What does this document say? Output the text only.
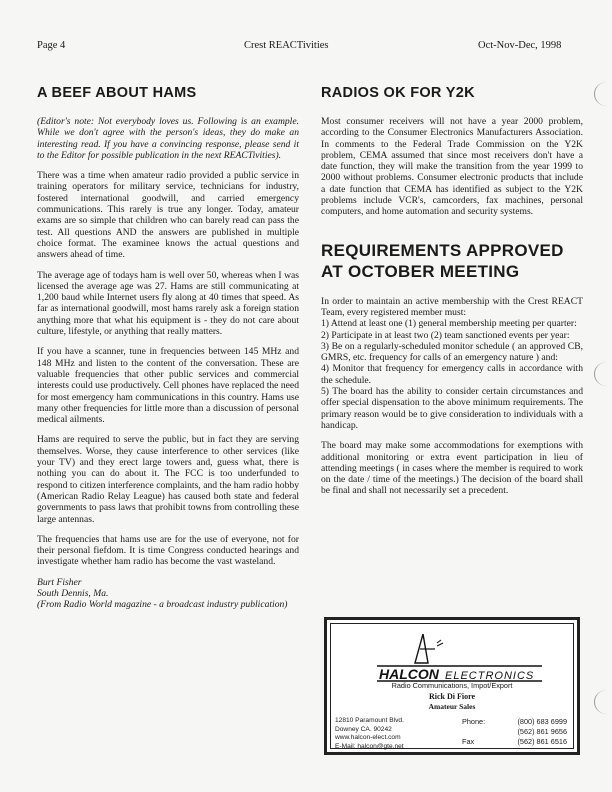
Page 4	Crest REACTivities	Oct-Nov-Dec, 1998
A BEEF ABOUT HAMS

(Editor's note: Not everybody loves us. Following is an example. While we don't agree with the person's ideas, they do make an interesting read. If you have a convincing response, please send it to the Editor for possible publication in the next REACTivities).

There was a time when amateur radio provided a public service in training operators for military service, technicians for industry, fostered international goodwill, and carried emergency communications. This rarely is true any longer. Today, amateur exams are so simple that children who can barely read can pass the test. All questions AND the answers are published in multiple choice format. The examinee knows the actual questions and answers ahead of time.

The average age of todays ham is well over 50, whereas when I was licensed the average age was 27. Hams are still communicating at 1,200 baud while Internet users fly along at 40 times that speed. As far as international goodwill, most hams rarely ask a foreign station anything more that what his equipment is - they do not care about culture, lifestyle, or anything that really matters.

If you have a scanner, tune in frequencies between 145 MHz and 148 MHz and listen to the content of the conversation. These are valuable frequencies that other public services and commercial interests could use productively. Cell phones have replaced the need for most emergency ham communications in this country. Hams use many other frequencies for little more than a discussion of personal medical ailments.

Hams are required to serve the public, but in fact they are serving themselves. Worse, they cause interference to other services (like your TV) and they erect large towers and, guess what, there is nothing you can do about it. The FCC is too underfunded to respond to citizen interference complaints, and the ham radio hobby (American Radio Relay League) has caused both state and federal governments to pass laws that prohibit towns from controlling these large antennas.

The frequencies that hams use are for the use of everyone, not for their personal fiefdom. It is time Congress conducted hearings and investigate whether ham radio has become the vast wasteland.

Burt Fisher
South Dennis, Ma.
(From Radio World magazine - a broadcast industry publication)
RADIOS OK FOR Y2K

Most consumer receivers will not have a year 2000 problem, according to the Consumer Electronics Manufacturers Association. In comments to the Federal Trade Commission on the Y2K problem, CEMA assumed that since most receivers don't have a date function, they will make the transition from the year 1999 to 2000 without problems. Consumer electronic products that include a date function that CEMA has identified as subject to the Y2K problems include VCR's, camcorders, fax machines, personal computers, and home automation and security systems.

REQUIREMENTS APPROVED AT OCTOBER MEETING

In order to maintain an active membership with the Crest REACT Team, every registered member must:

1) Attend at least one (1) general membership meeting per quarter:
2) Participate in at least two (2) team sanctioned events per year:
3) Be on a regularly-scheduled monitor schedule ( an approved CB, GMRS, etc. frequency for calls of an emergency nature ) and:
4) Monitor that frequency for emergency calls in accordance with the schedule.
5) The board has the ability to consider certain circumstances and offer special dispensation to the above minimum requirements. The primary reason would be to give consideration to individuals with a handicap.

The board may make some accommodations for exemptions with additional monitoring or extra event participation in lieu of attending meetings ( in cases where the member is required to work on the date / time of the meetings.) The decision of the board shall be final and shall not necessarily set a precedent.

HALCON ELECTRONICS
Radio Communications, Impot/Export
Rick Di Fiore
Amateur Sales
12810 Paramount Blvd.
Downey CA. 90242
www.halcon-elect.com
E-Mail: halcon@gte.net
Phone:	(800) 683 6999
(562) 861 9656
Fax	(562) 861 6516
